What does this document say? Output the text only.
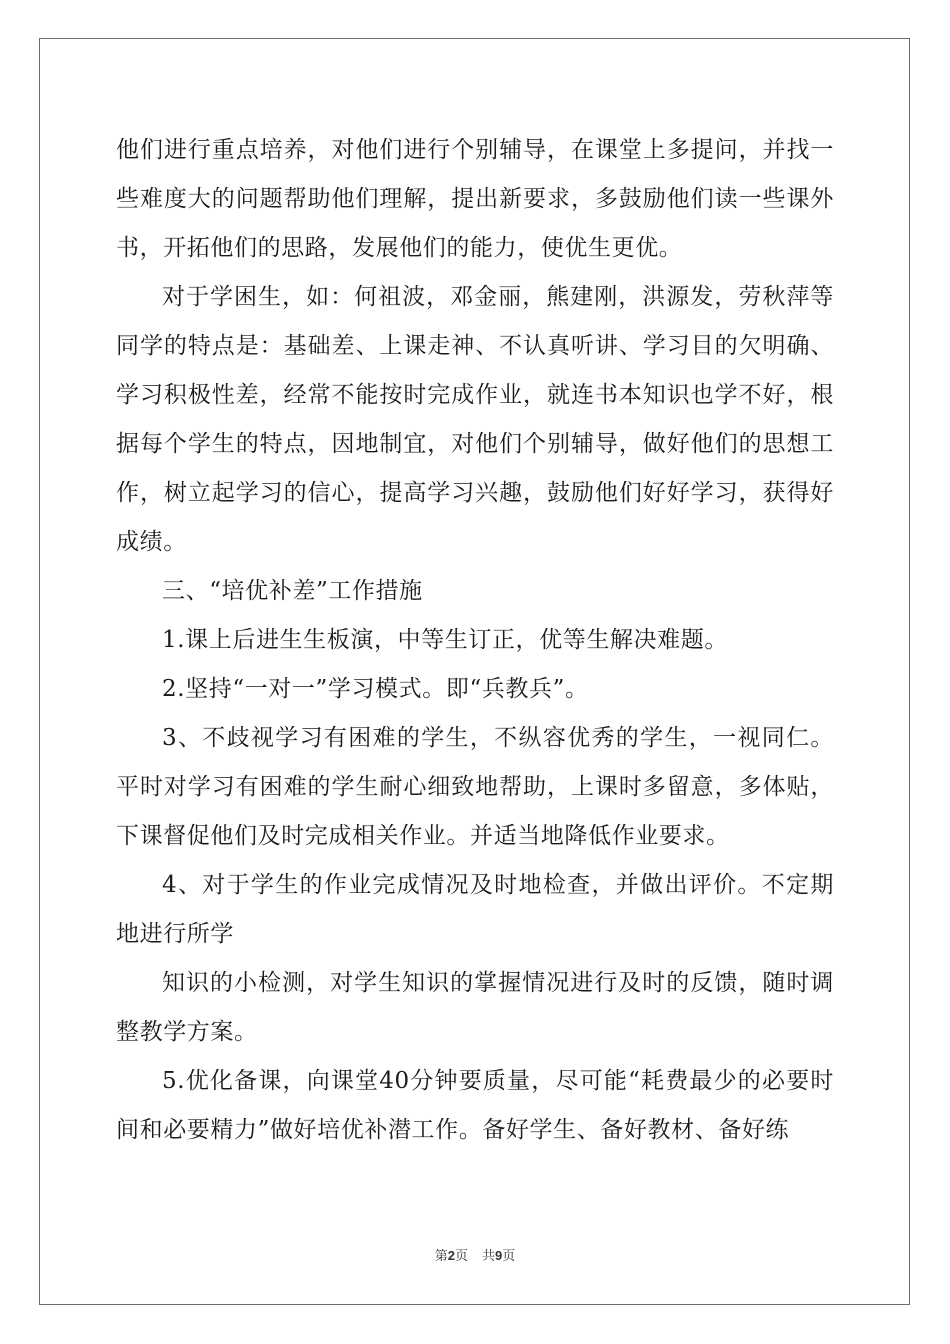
他们进行重点培养，对他们进行个别辅导，在课堂上多提问，并找一些难度大的问题帮助他们理解，提出新要求，多鼓励他们读一些课外书，开拓他们的思路，发展他们的能力，使优生更优。

对于学困生，如：何祖波，邓金丽，熊建刚，洪源发，劳秋萍等同学的特点是：基础差、上课走神、不认真听讲、学习目的欠明确、学习积极性差，经常不能按时完成作业，就连书本知识也学不好，根据每个学生的特点，因地制宜，对他们个别辅导，做好他们的思想工作，树立起学习的信心，提高学习兴趣，鼓励他们好好学习，获得好成绩。

三、“培优补差”工作措施

1.课上后进生生板演，中等生订正，优等生解决难题。

2.坚持“一对一”学习模式。即“兵教兵”。

3、不歧视学习有困难的学生，不纵容优秀的学生，一视同仁。平时对学习有困难的学生耐心细致地帮助，上课时多留意，多体贴，下课督促他们及时完成相关作业。并适当地降低作业要求。

4、对于学生的作业完成情况及时地检查，并做出评价。不定期地进行所学

知识的小检测，对学生知识的掌握情况进行及时的反馈，随时调整教学方案。

5.优化备课，向课堂40分钟要质量，尽可能“耗费最少的必要时间和必要精力”做好培优补潜工作。备好学生、备好教材、备好练

第2页 共9页
